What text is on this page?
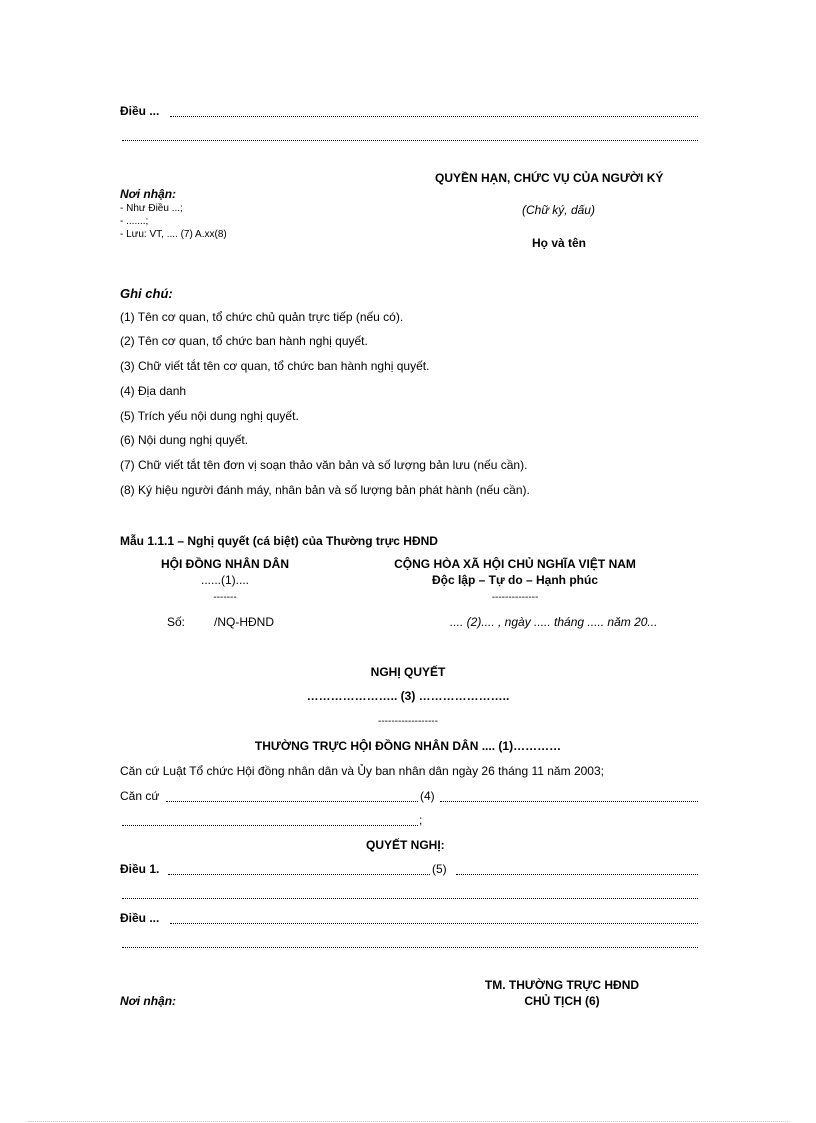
Điều ...
QUYỀN HẠN, CHỨC VỤ CỦA NGƯỜI KÝ
Nơi nhận:
- Như Điều ...;
- .......;
- Lưu: VT, .... (7) A.xx(8)
(Chữ ký, dấu)
Họ và tên
Ghi chú:
(1) Tên cơ quan, tổ chức chủ quản trực tiếp (nếu có).
(2) Tên cơ quan, tổ chức ban hành nghị quyết.
(3) Chữ viết tắt tên cơ quan, tổ chức ban hành nghị quyết.
(4) Địa danh
(5) Trích yếu nội dung nghị quyết.
(6) Nội dung nghị quyết.
(7) Chữ viết tắt tên đơn vị soạn thảo văn bản và số lượng bản lưu (nếu cần).
(8) Ký hiệu người đánh máy, nhân bản và số lượng bản phát hành (nếu cần).
Mẫu 1.1.1 – Nghị quyết (cá biệt) của Thường trực HĐND
HỘI ĐỒNG NHÂN DÂN
......(1)....
-------
CỘNG HÒA XÃ HỘI CHỦ NGHĨA VIỆT NAM
Độc lập – Tự do – Hạnh phúc
--------------
Số: /NQ-HĐND	.... (2).... , ngày ..... tháng ..... năm 20...
NGHỊ QUYẾT
………………….. (3) …………………..
------------------
THƯỜNG TRỰC HỘI ĐỒNG NHÂN DÂN .... (1)…………
Căn cứ Luật Tổ chức Hội đồng nhân dân và Ủy ban nhân dân ngày 26 tháng 11 năm 2003;
Căn cứ	(4)
;
QUYẾT NGHỊ:
Điều 1.	(5)
Điều ...
TM. THƯỜNG TRỰC HĐND
CHỦ TỊCH (6)
Nơi nhận:
